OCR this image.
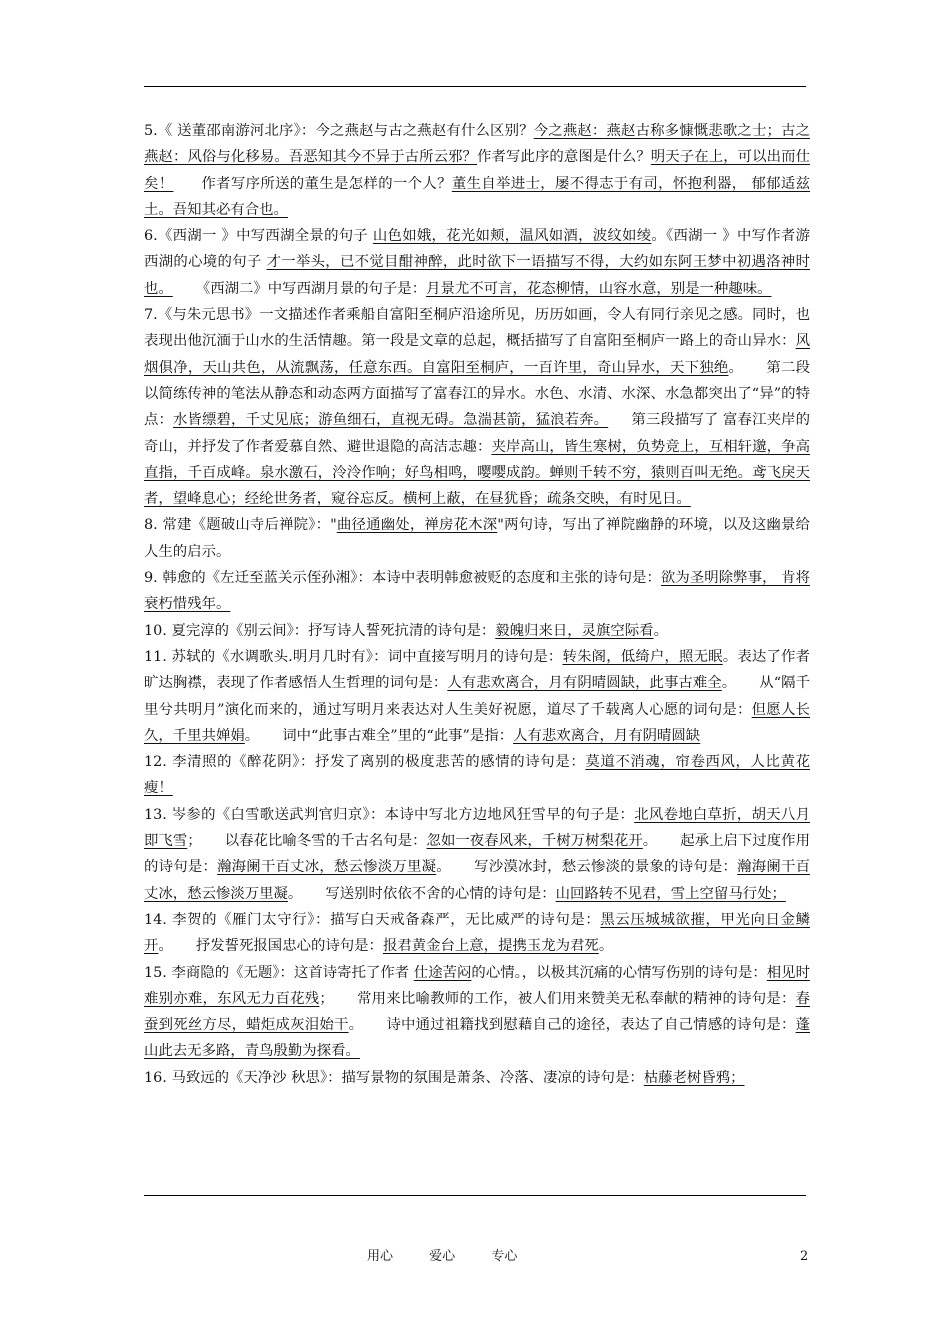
5.《 送董邵南游河北序》：今之燕赵与古之燕赵有什么区别？今之燕赵：燕赵古称多慷慨悲歌之士；古之燕赵：风俗与化移易。吾恶知其今不异于古所云邪？作者写此序的意图是什么？明天子在上，可以出而仕矣！ 作者写序所送的董生是怎样的一个人？董生自举进士，屡不得志于有司，怀抱利器， 郁郁适兹土。吾知其必有合也。

6.《西湖一 》中写西湖全景的句子 山色如娥，花光如颊，温风如酒，波纹如绫。《西湖一 》中写作者游西湖的心境的句子 才一举头，已不觉目酣神醉，此时欲下一语描写不得，大约如东阿王梦中初遇洛神时也。 《西湖二》中写西湖月景的句子是：月景尤不可言，花态柳情，山容水意，别是一种趣味。

7.《与朱元思书》一文描述作者乘船自富阳至桐庐沿途所见，历历如画，令人有同行亲见之感。同时，也表现出他沉湎于山水的生活情趣。第一段是文章的总起，概括描写了自富阳至桐庐一路上的奇山异水：风烟俱净，天山共色，从流飘荡，任意东西。自富阳至桐庐，一百许里，奇山异水，天下独绝。 第二段 以简练传神的笔法从静态和动态两方面描写了富春江的异水。水色、水清、水深、水急都突出了“异”的特点：水皆缥碧，千丈见底；游鱼细石，直视无碍。急湍甚箭，猛浪若奔。 第三段描写了 富春江夹岸的奇山，并抒发了作者爱慕自然、避世退隐的高洁志趣：夹岸高山，皆生寒树，负势竞上，互相轩邈，争高直指，千百成峰。泉水激石，泠泠作响；好鸟相鸣，嘤嘤成韵。蝉则千转不穷，猿则百叫无绝。鸢飞戾天者，望峰息心；经纶世务者，窥谷忘反。横柯上蔽，在昼犹昏；疏条交映，有时见日。

8. 常建《题破山寺后禅院》："曲径通幽处，禅房花木深"两句诗，写出了禅院幽静的环境，以及这幽景给人生的启示。

9. 韩愈的《左迁至蓝关示侄孙湘》：本诗中表明韩愈被贬的态度和主张的诗句是：欲为圣明除弊事， 肯将衰朽惜残年。

10. 夏完淳的《别云间》：抒写诗人誓死抗清的诗句是：毅魄归来日，灵旗空际看。

11. 苏轼的《水调歌头.明月几时有》：词中直接写明月的诗句是：转朱阁，低绮户，照无眠。表达了作者旷达胸襟，表现了作者感悟人生哲理的词句是：人有悲欢离合，月有阴晴圆缺，此事古难全。 从“隔千里兮共明月”演化而来的，通过写明月来表达对人生美好祝愿，道尽了千载离人心愿的词句是：但愿人长久，千里共婵娟。 词中“此事古难全”里的“此事”是指：人有悲欢离合，月有阴晴圆缺

12. 李清照的《醉花阴》：抒发了离别的极度悲苦的感情的诗句是：莫道不消魂，帘卷西风，人比黄花瘦！

13. 岑参的《白雪歌送武判官归京》：本诗中写北方边地风狂雪早的句子是：北风卷地白草折，胡天八月即飞雪； 以春花比喻冬雪的千古名句是：忽如一夜春风来，千树万树梨花开。 起承上启下过度作用的诗句是：瀚海阑干百丈冰，愁云惨淡万里凝。 写沙漠冰封，愁云惨淡的景象的诗句是：瀚海阑干百丈冰，愁云惨淡万里凝。 写送别时依依不舍的心情的诗句是：山回路转不见君，雪上空留马行处；

14. 李贺的《雁门太守行》：描写白天戒备森严，无比威严的诗句是：黑云压城城欲摧，甲光向日金鳞开。 抒发誓死报国忠心的诗句是：报君黄金台上意，提携玉龙为君死。

15. 李商隐的《无题》：这首诗寄托了作者 仕途苦闷的心情。，以极其沉痛的心情写伤别的诗句是：相见时难别亦难，东风无力百花残； 常用来比喻教师的工作，被人们用来赞美无私奉献的精神的诗句是：春蚕到死丝方尽，蜡炬成灰泪始干。 诗中通过祖籍找到慰藉自己的途径，表达了自己情感的诗句是：蓬山此去无多路，青鸟殷勤为探看。

16. 马致远的《天净沙 秋思》：描写景物的氛围是萧条、冷落、凄凉的诗句是：枯藤老树昏鸦；

用心	爱心	专心	2
